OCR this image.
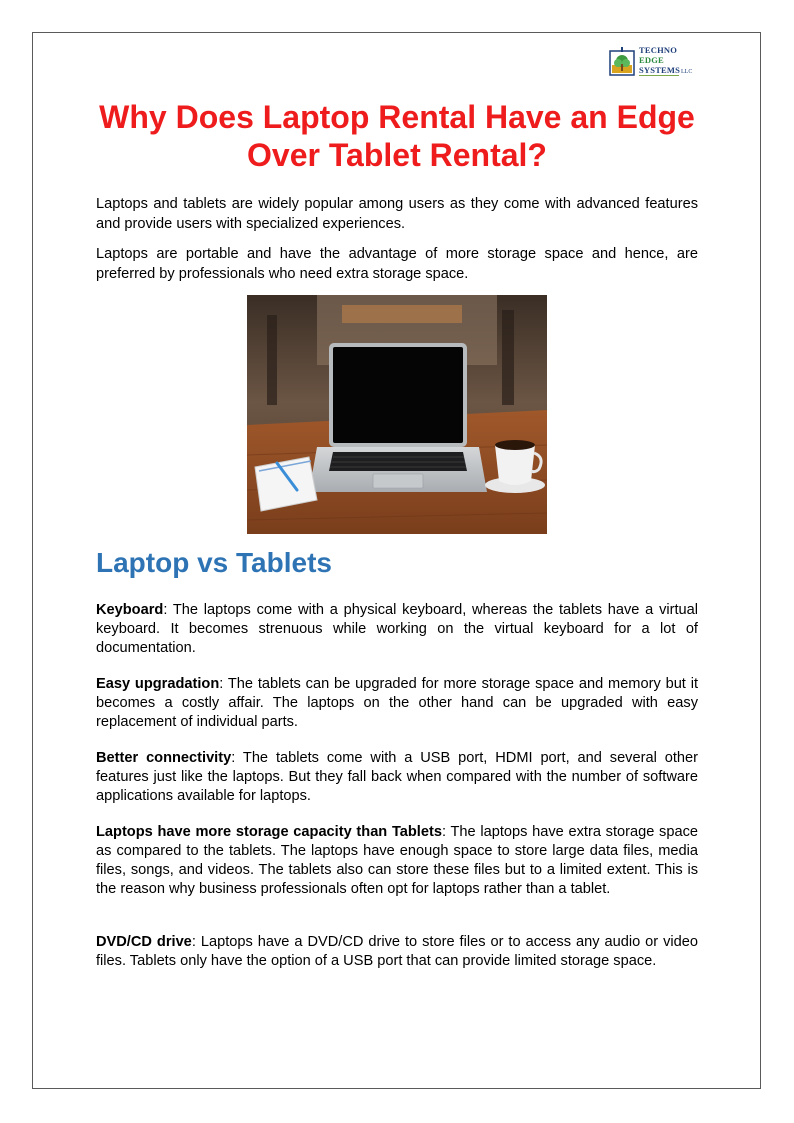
TECHNO
EDGE
SYSTEMS LLC
Why Does Laptop Rental Have an Edge Over Tablet Rental?

Laptops and tablets are widely popular among users as they come with advanced features and provide users with specialized experiences.

Laptops are portable and have the advantage of more storage space and hence, are preferred by professionals who need extra storage space.

Laptop vs Tablets

Keyboard: The laptops come with a physical keyboard, whereas the tablets have a virtual keyboard. It becomes strenuous while working on the virtual keyboard for a lot of documentation.

Easy upgradation: The tablets can be upgraded for more storage space and memory but it becomes a costly affair. The laptops on the other hand can be upgraded with easy replacement of individual parts.

Better connectivity: The tablets come with a USB port, HDMI port, and several other features just like the laptops. But they fall back when compared with the number of software applications available for laptops.

Laptops have more storage capacity than Tablets: The laptops have extra storage space as compared to the tablets. The laptops have enough space to store large data files, media files, songs, and videos. The tablets also can store these files but to a limited extent. This is the reason why business professionals often opt for laptops rather than a tablet.

DVD/CD drive: Laptops have a DVD/CD drive to store files or to access any audio or video files. Tablets only have the option of a USB port that can provide limited storage space.
